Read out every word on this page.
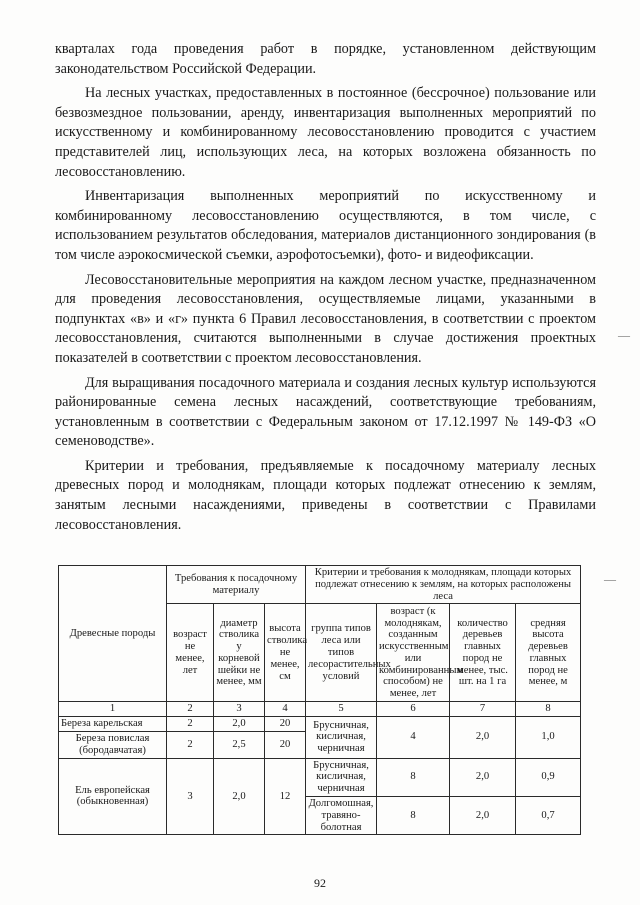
кварталах года проведения работ в порядке, установленном действующим законодательством Российской Федерации.

На лесных участках, предоставленных в постоянное (бессрочное) пользование или безвозмездное пользовании, аренду, инвентаризация выполненных мероприятий по искусственному и комбинированному лесовосстановлению проводится с участием представителей лиц, использующих леса, на которых возложена обязанность по лесовосстановлению.

Инвентаризация выполненных мероприятий по искусственному и комбинированному лесовосстановлению осуществляются, в том числе, с использованием результатов обследования, материалов дистанционного зондирования (в том числе аэрокосмической съемки, аэрофотосъемки), фото- и видеофиксации.

Лесовосстановительные мероприятия на каждом лесном участке, предназначенном для проведения лесовосстановления, осуществляемые лицами, указанными в подпунктах «в» и «г» пункта 6 Правил лесовосстановления, в соответствии с проектом лесовосстановления, считаются выполненными в случае достижения проектных показателей в соответствии с проектом лесовосстановления.

Для выращивания посадочного материала и создания лесных культур используются районированные семена лесных насаждений, соответствующие требованиям, установленным в соответствии с Федеральным законом от 17.12.1997 № 149-ФЗ «О семеноводстве».

Критерии и требования, предъявляемые к посадочному материалу лесных древесных пород и молоднякам, площади которых подлежат отнесению к землям, занятым лесными насаждениями, приведены в соответствии с Правилами лесовосстановления.

Древесные породы	Требования к посадочному материалу			Критерии и требования к молоднякам, площади которых подлежат отнесению к землям, на которых расположены леса			
	возраст не менее, лет	диаметр стволика у корневой шейки не менее, мм	высота стволика не менее, см	группа типов леса или типов лесорастительных условий	возраст (к молоднякам, созданным искусственным или комбинированным способом) не менее, лет	количество деревьев главных пород не менее, тыс. шт. на 1 га	средняя высота деревьев главных пород не менее, м
1	2	3	4	5	6	7	8
Береза карельская	2	2,0	20	Брусничная, кисличная, черничная	4	2,0	1,0
Береза повислая (бородавчатая)	2	2,5	20				
Ель европейская (обыкновенная)	3	2,0	12	Брусничная, кисличная, черничная	8	2,0	0,9
				Долгомошная, травяно-болотная	8	2,0	0,7
92
—
—
